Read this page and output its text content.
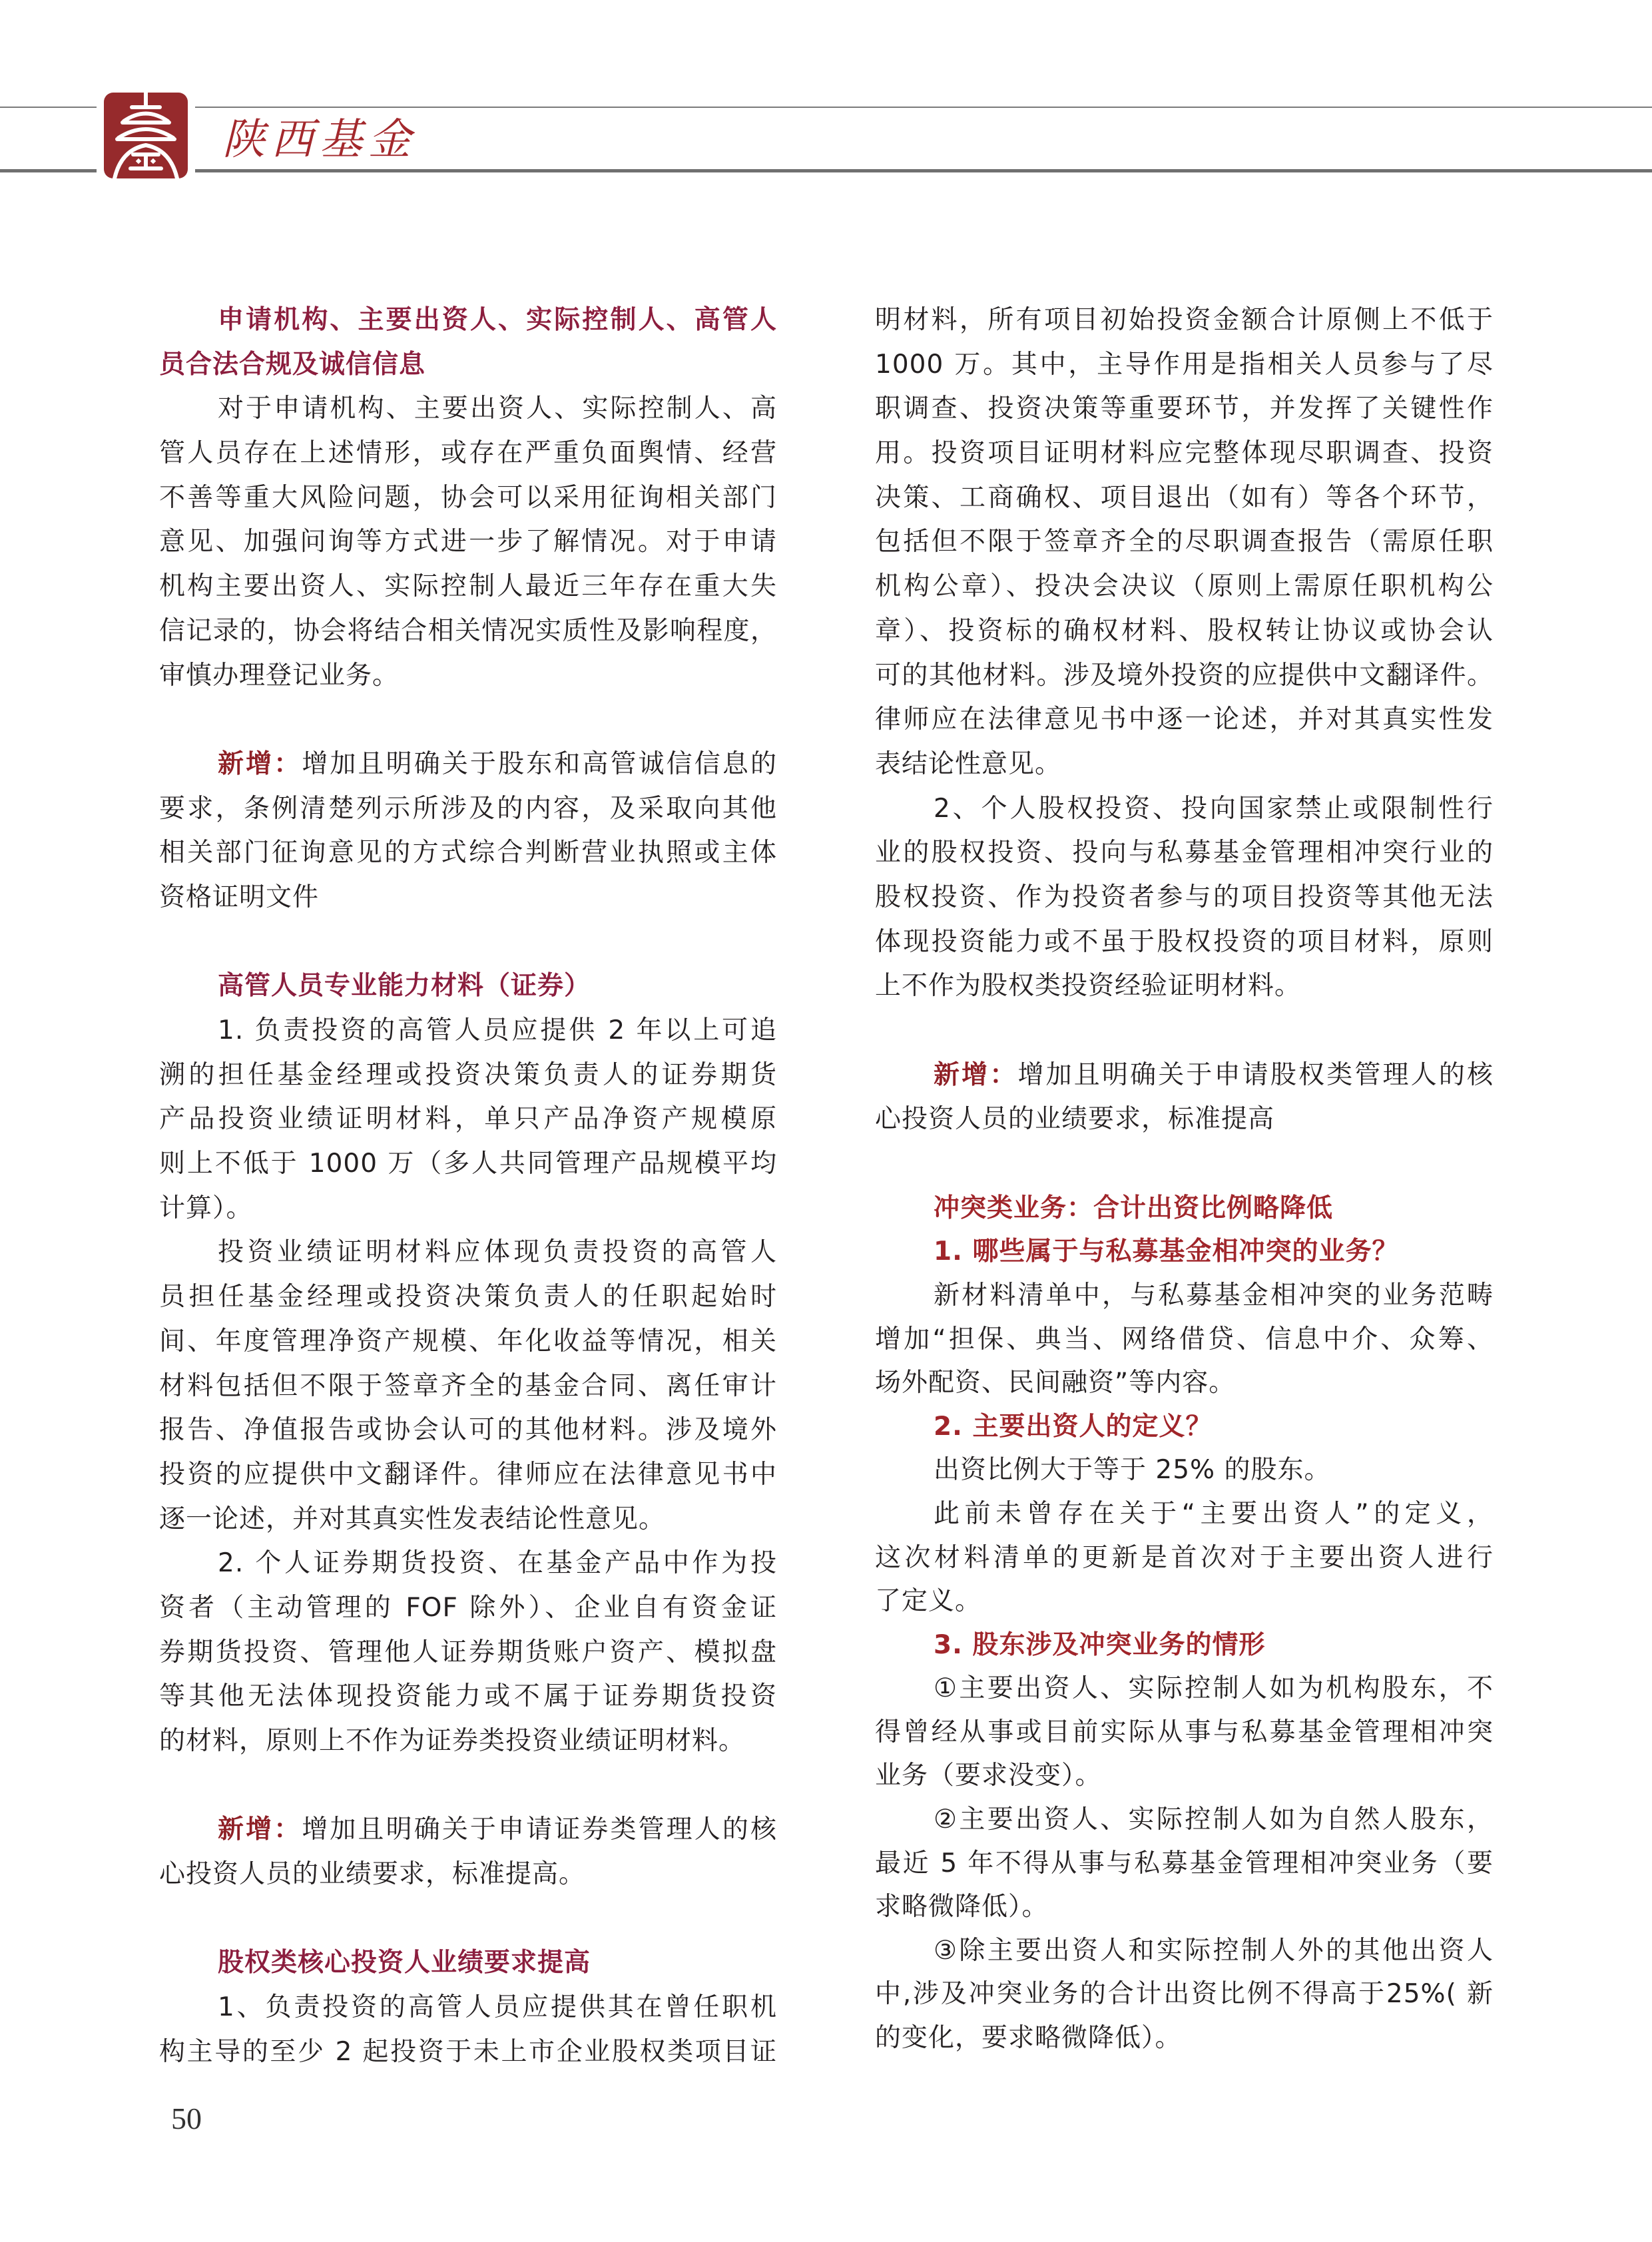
陕西基金
申请机构、主要出资人、实际控制人、高管人
员合法合规及诚信信息
对于申请机构、主要出资人、实际控制人、高
管人员存在上述情形，或存在严重负面舆情、经营
不善等重大风险问题，协会可以采用征询相关部门
意见、加强问询等方式进一步了解情况。对于申请
机构主要出资人、实际控制人最近三年存在重大失
信记录的，协会将结合相关情况实质性及影响程度，
审慎办理登记业务。
新增：增加且明确关于股东和高管诚信信息的
要求，条例清楚列示所涉及的内容，及采取向其他
相关部门征询意见的方式综合判断营业执照或主体
资格证明文件
高管人员专业能力材料（证券）
1. 负责投资的高管人员应提供 2 年以上可追
溯的担任基金经理或投资决策负责人的证券期货
产品投资业绩证明材料，单只产品净资产规模原
则上不低于 1000 万（多人共同管理产品规模平均
计算）。
投资业绩证明材料应体现负责投资的高管人
员担任基金经理或投资决策负责人的任职起始时
间、年度管理净资产规模、年化收益等情况，相关
材料包括但不限于签章齐全的基金合同、离任审计
报告、净值报告或协会认可的其他材料。涉及境外
投资的应提供中文翻译件。律师应在法律意见书中
逐一论述，并对其真实性发表结论性意见。
2. 个人证券期货投资、在基金产品中作为投
资者（主动管理的 FOF 除外）、企业自有资金证
券期货投资、管理他人证券期货账户资产、模拟盘
等其他无法体现投资能力或不属于证券期货投资
的材料，原则上不作为证券类投资业绩证明材料。
新增：增加且明确关于申请证券类管理人的核
心投资人员的业绩要求，标准提高。
股权类核心投资人业绩要求提高
1、负责投资的高管人员应提供其在曾任职机
构主导的至少 2 起投资于未上市企业股权类项目证
明材料，所有项目初始投资金额合计原侧上不低于
1000 万。其中，主导作用是指相关人员参与了尽
职调查、投资决策等重要环节，并发挥了关键性作
用。投资项目证明材料应完整体现尽职调查、投资
决策、工商确权、项目退出（如有）等各个环节，
包括但不限于签章齐全的尽职调查报告（需原任职
机构公章）、投决会决议（原则上需原任职机构公
章）、投资标的确权材料、股权转让协议或协会认
可的其他材料。涉及境外投资的应提供中文翻译件。
律师应在法律意见书中逐一论述，并对其真实性发
表结论性意见。
2、个人股权投资、投向国家禁止或限制性行
业的股权投资、投向与私募基金管理相冲突行业的
股权投资、作为投资者参与的项目投资等其他无法
体现投资能力或不虽于股权投资的项目材料，原则
上不作为股权类投资经验证明材料。
新增：增加且明确关于申请股权类管理人的核
心投资人员的业绩要求，标准提高
冲突类业务：合计出资比例略降低
1. 哪些属于与私募基金相冲突的业务？
新材料清单中，与私募基金相冲突的业务范畴
增加“担保、典当、网络借贷、信息中介、众筹、
场外配资、民间融资”等内容。
2. 主要出资人的定义？
出资比例大于等于 25% 的股东。
此前未曾存在关于“主要出资人”的定义，
这次材料清单的更新是首次对于主要出资人进行
了定义。
3. 股东涉及冲突业务的情形
①主要出资人、实际控制人如为机构股东，不
得曾经从事或目前实际从事与私募基金管理相冲突
业务（要求没变）。
②主要出资人、实际控制人如为自然人股东，
最近 5 年不得从事与私募基金管理相冲突业务（要
求略微降低）。
③除主要出资人和实际控制人外的其他出资人
中,涉及冲突业务的合计出资比例不得高于25%( 新
的变化，要求略微降低）。
50
